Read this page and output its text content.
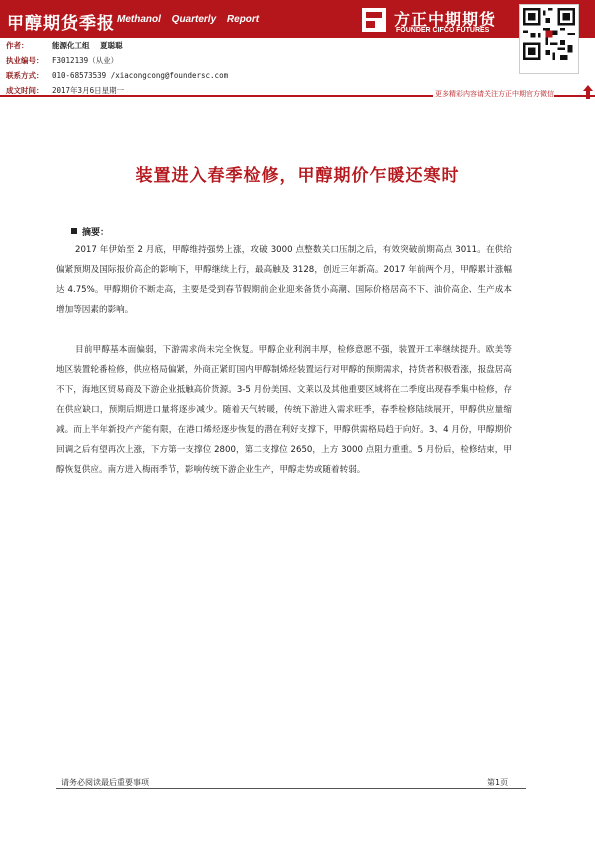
甲醇期货季报 Methanol Quarterly Report	方正中期期货
FOUNDER CIFCO FUTURES
作者：	能源化工组 夏聪聪
执业编号： F3012139（从业）
联系方式： 010-68573539 /xiacongcong@foundersc.com
成文时间： 2017年3月6日星期一	更多精彩内容请关注方正中期官方微信
装置进入春季检修，甲醇期价乍暖还寒时
摘要：
2017 年伊始至 2 月底，甲醇维持强势上涨，攻破 3000 点整数关口压制之后，有效突破前期高点 3011。在供给偏紧预期及国际报价高企的影响下，甲醇继续上行，最高触及 3128，创近三年新高。2017 年前两个月，甲醇累计涨幅达 4.75%。甲醇期价不断走高，主要是受到春节假期前企业迎来备货小高潮、国际价格居高不下、油价高企、生产成本增加等因素的影响。
目前甲醇基本面偏弱，下游需求尚未完全恢复。甲醇企业利润丰厚，检修意愿不强，装置开工率继续提升。欧美等地区装置轮番检修，供应格局偏紧，外商正紧盯国内甲醇制烯烃装置运行对甲醇的预期需求，持货者积极看涨，报盘居高不下，海地区贸易商及下游企业抵触高价货源。3-5 月份美国、文莱以及其他重要区域将在二季度出现春季集中检修，存在供应缺口，预期后期进口量将逐步减少。随着天气转暖，传统下游进入需求旺季，春季检修陆续展开，甲醇供应量缩减。而上半年新投产产能有限，在港口烯烃逐步恢复的潜在利好支撑下，甲醇供需格局趋于向好。3、4 月份，甲醇期价回调之后有望再次上涨，下方第一支撑位 2800，第二支撑位 2650，上方 3000 点阻力重重。5 月份后，检修结束，甲醇恢复供应。南方进入梅雨季节，影响传统下游企业生产，甲醇走势或随着转弱。
请务必阅读最后重要事项	第1页
